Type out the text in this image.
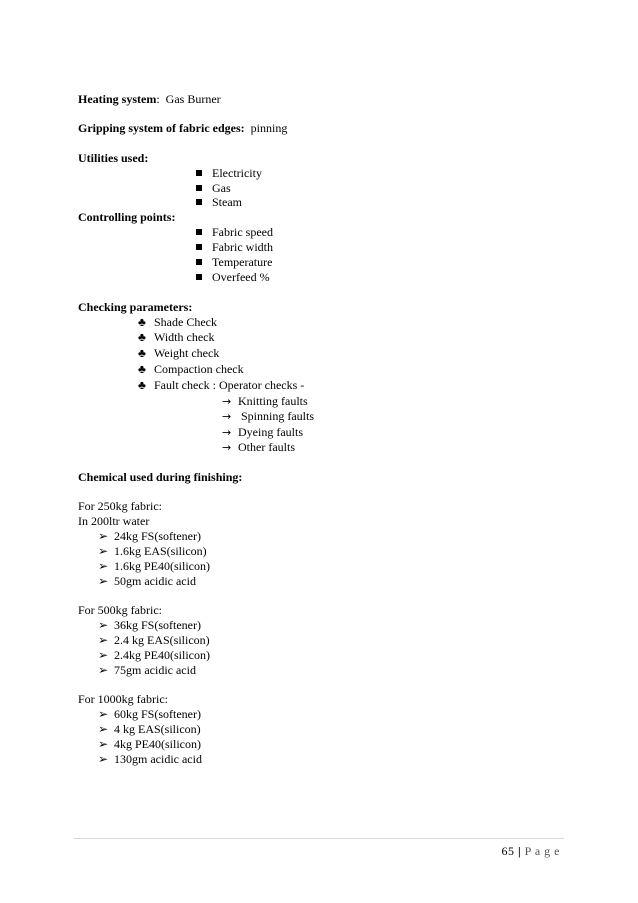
Heating system:  Gas Burner
Gripping system of fabric edges: pinning
Utilities used:
Electricity
Gas
Steam
Controlling points:
Fabric speed
Fabric width
Temperature
Overfeed %
Checking parameters:
♣ Shade Check
♣ Width check
♣ Weight check
♣ Compaction check
♣ Fault check : Operator checks -
→ Knitting faults
→ Spinning faults
→ Dyeing faults
→ Other faults
Chemical used during finishing:
For 250kg fabric:
In 200ltr water
➢ 24kg FS(softener)
➢ 1.6kg EAS(silicon)
➢ 1.6kg PE40(silicon)
➢ 50gm acidic acid
For 500kg fabric:
➢ 36kg FS(softener)
➢ 2.4 kg EAS(silicon)
➢ 2.4kg PE40(silicon)
➢ 75gm acidic acid
For 1000kg fabric:
➢ 60kg FS(softener)
➢ 4 kg EAS(silicon)
➢ 4kg PE40(silicon)
➢ 130gm acidic acid
65 | P a g e
